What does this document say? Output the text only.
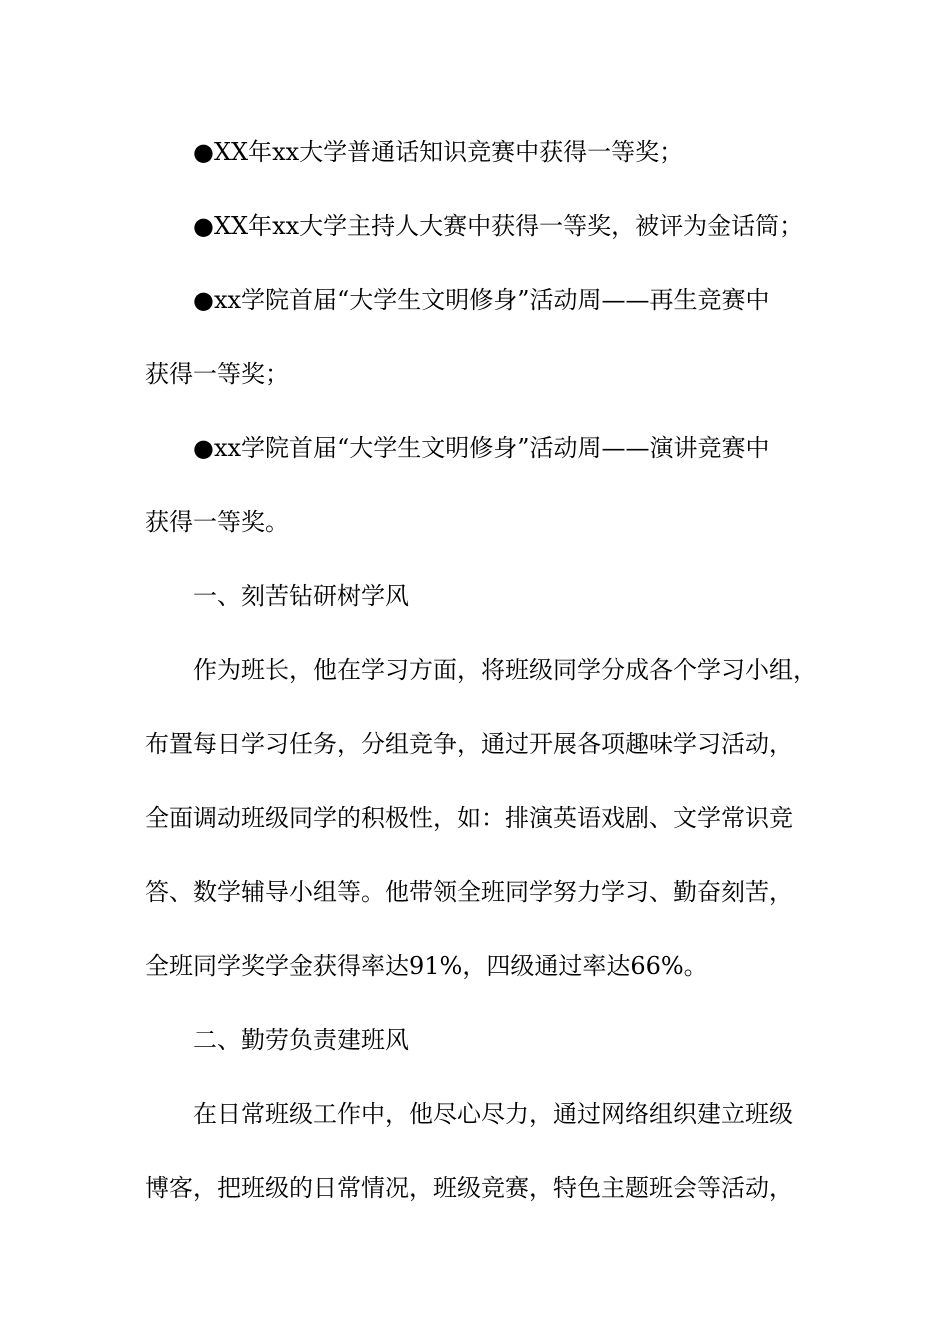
●XX年xx大学普通话知识竞赛中获得一等奖；
●XX年xx大学主持人大赛中获得一等奖，被评为金话筒；
●xx学院首届“大学生文明修身”活动周——再生竞赛中
获得一等奖；
●xx学院首届“大学生文明修身”活动周——演讲竞赛中
获得一等奖。
一、刻苦钻研树学风
作为班长，他在学习方面，将班级同学分成各个学习小组，
布置每日学习任务，分组竞争，通过开展各项趣味学习活动，
全面调动班级同学的积极性，如：排演英语戏剧、文学常识竞
答、数学辅导小组等。他带领全班同学努力学习、勤奋刻苦，
全班同学奖学金获得率达91%，四级通过率达66%。
二、勤劳负责建班风
在日常班级工作中，他尽心尽力，通过网络组织建立班级
博客，把班级的日常情况，班级竞赛，特色主题班会等活动，
